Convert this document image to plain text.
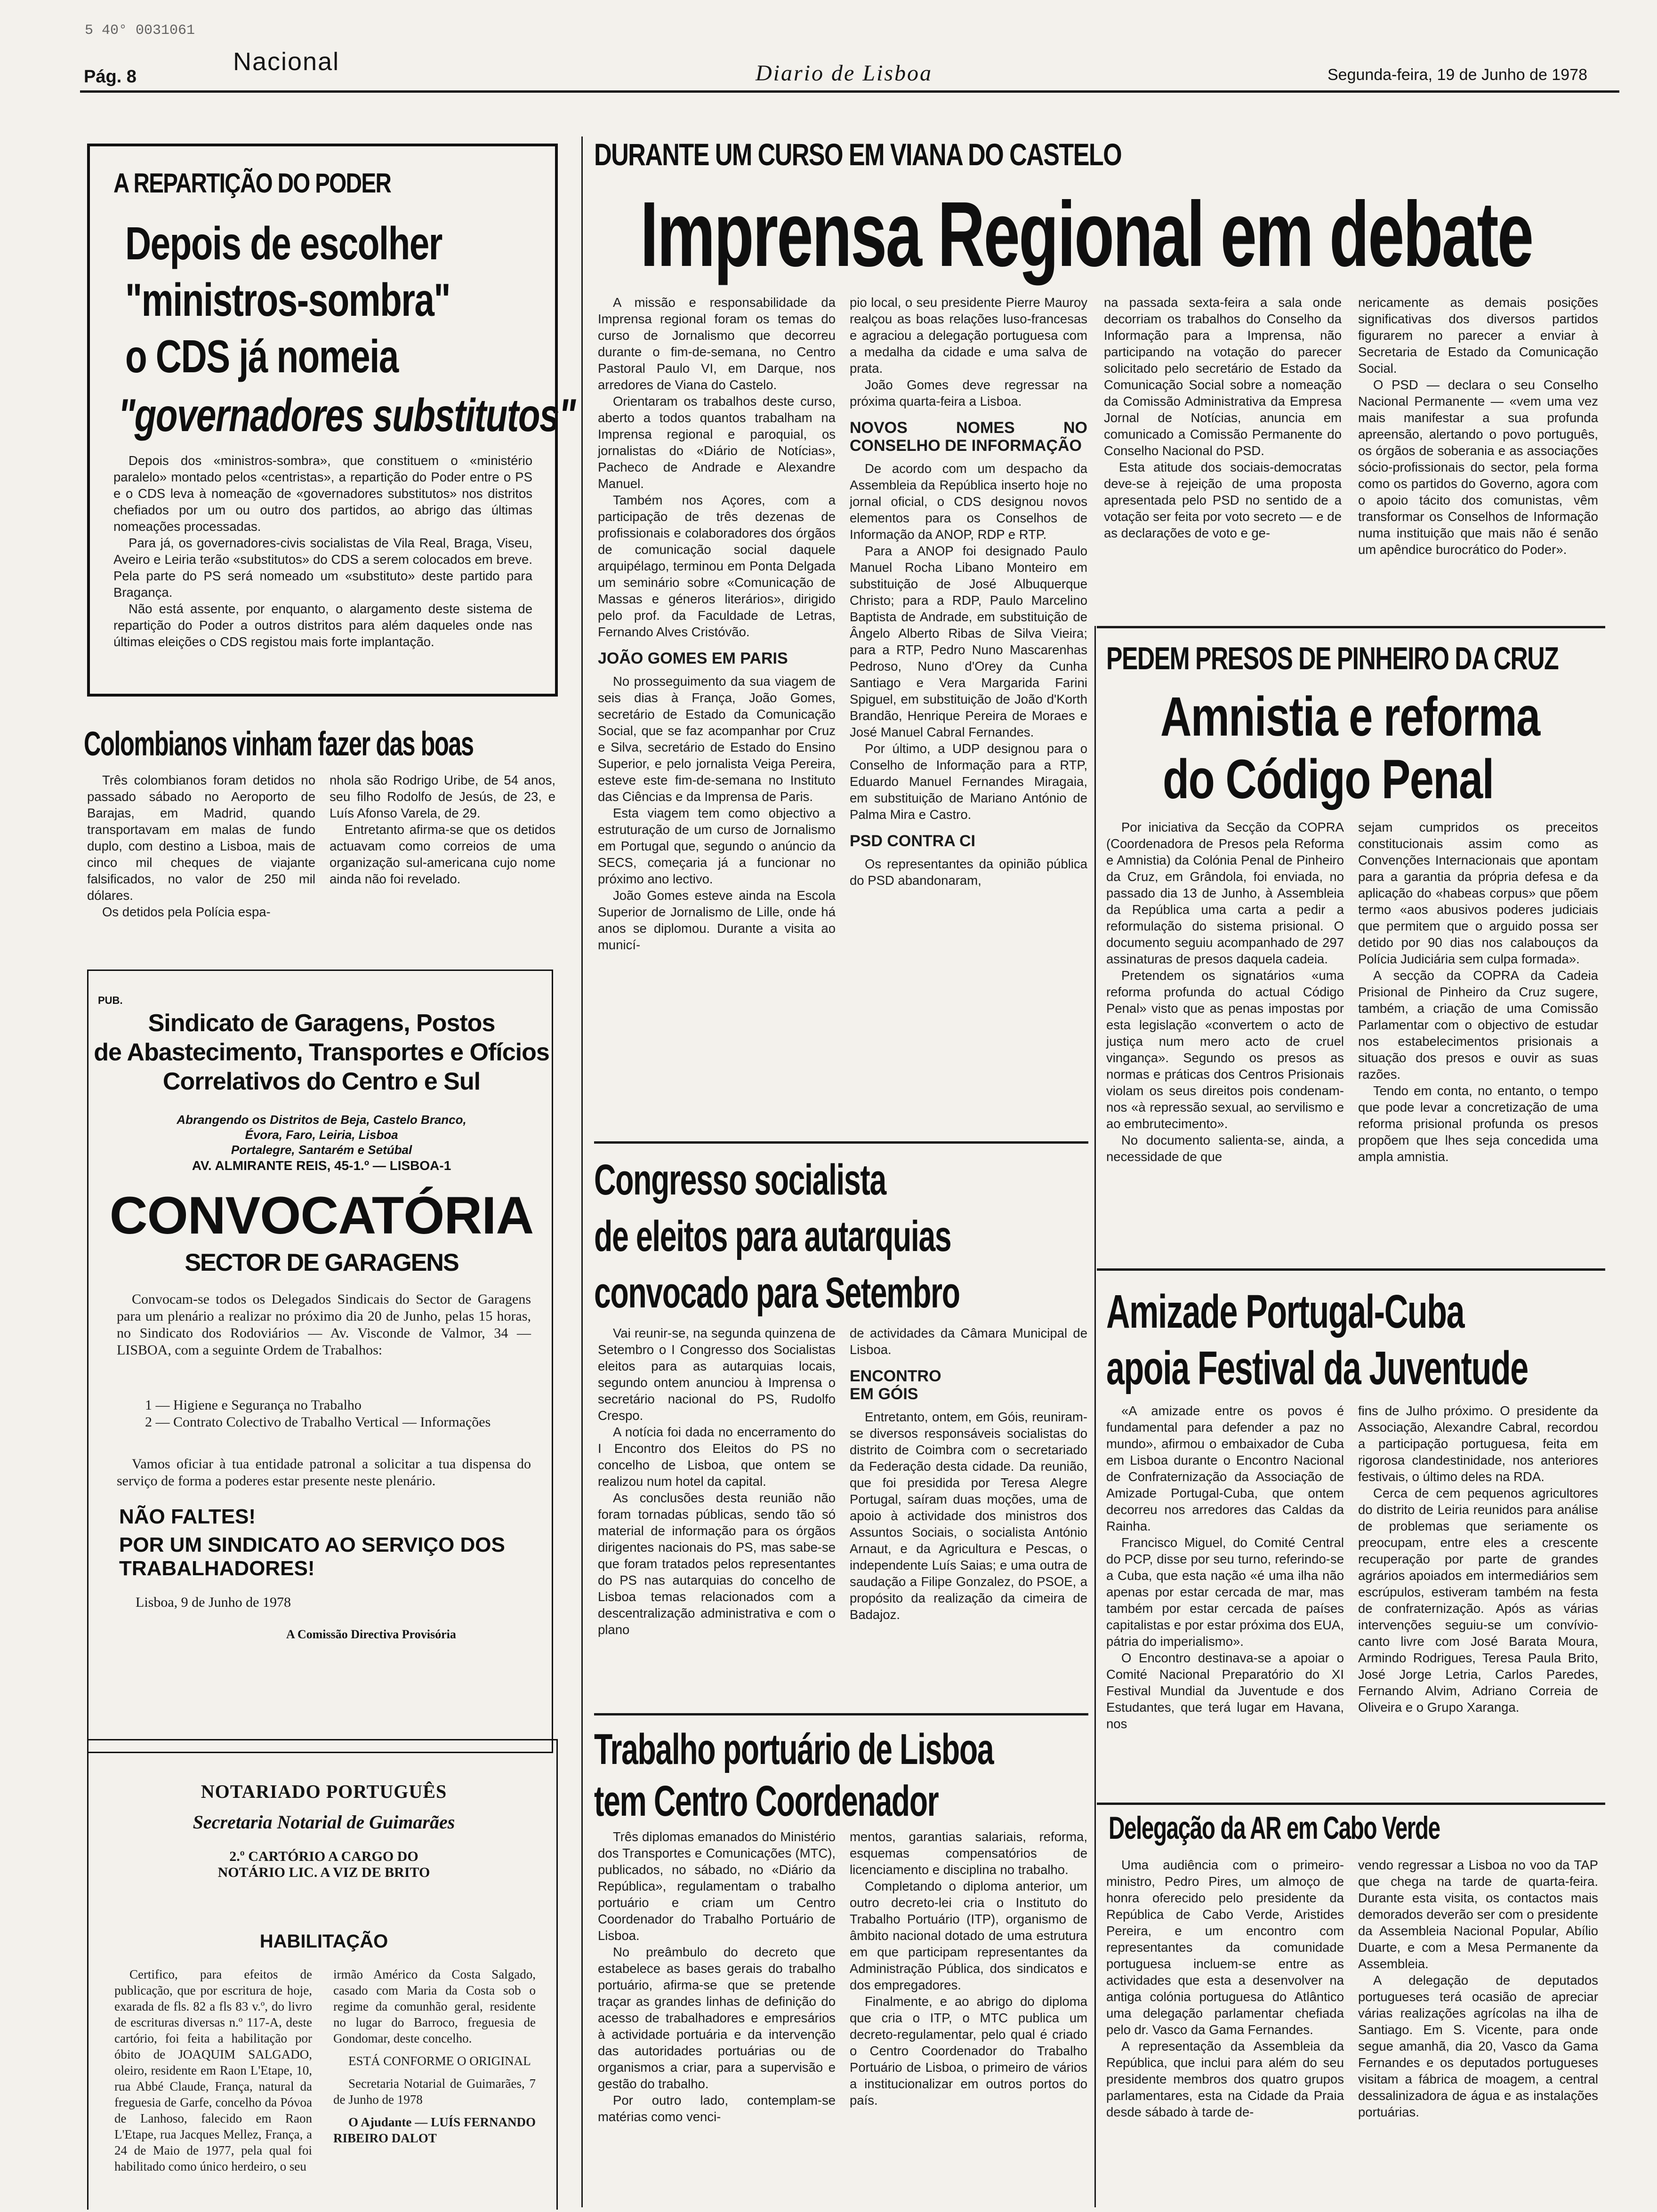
5 40° 0031061
Pág. 8
Nacional	Diario de Lisboa	Segunda-feira, 19 de Junho de 1978
A REPARTIÇÃO DO PODER
Depois de escolher
"ministros-sombra"
o CDS já nomeia
"governadores substitutos"

Depois dos «ministros-sombra», que constituem o «ministério paralelo» montado pelos «centristas», a repartição do Poder entre o PS e o CDS leva à nomeação de «governadores substitutos» nos distritos chefiados por um ou outro dos partidos, ao abrigo das últimas nomeações processadas.

Para já, os governadores-civis socialistas de Vila Real, Braga, Viseu, Aveiro e Leiria terão «substitutos» do CDS a serem colocados em breve. Pela parte do PS será nomeado um «substituto» deste partido para Bragança.

Não está assente, por enquanto, o alargamento deste sistema de repartição do Poder a outros distritos para além daqueles onde nas últimas eleições o CDS registou mais forte implantação.

Colombianos vinham fazer das boas

Três colombianos foram detidos no passado sábado no Aeroporto de Barajas, em Madrid, quando transportavam em malas de fundo duplo, com destino a Lisboa, mais de cinco mil cheques de viajante falsificados, no valor de 250 mil dólares.

Os detidos pela Polícia espa-

nhola são Rodrigo Uribe, de 54 anos, seu filho Rodolfo de Jesús, de 23, e Luís Afonso Varela, de 29.

Entretanto afirma-se que os detidos actuavam como correios de uma organização sul-americana cujo nome ainda não foi revelado.

PUB.
Sindicato de Garagens, Postos
de Abastecimento, Transportes e Ofícios
Correlativos do Centro e Sul
Abrangendo os Distritos de Beja, Castelo Branco,
Évora, Faro, Leiria, Lisboa
Portalegre, Santarém e Setúbal
AV. ALMIRANTE REIS, 45-1.º — LISBOA-1
CONVOCATÓRIA
SECTOR DE GARAGENS

Convocam-se todos os Delegados Sindicais do Sector de Garagens para um plenário a realizar no próximo dia 20 de Junho, pelas 15 horas, no Sindicato dos Rodoviários — Av. Visconde de Valmor, 34 — LISBOA, com a seguinte Ordem de Trabalhos:

1 — Higiene e Segurança no Trabalho
2 — Contrato Colectivo de Trabalho Vertical — Informações

Vamos oficiar à tua entidade patronal a solicitar a tua dispensa do serviço de forma a poderes estar presente neste plenário.

NÃO FALTES!
POR UM SINDICATO AO SERVIÇO DOS TRABALHADORES!
Lisboa, 9 de Junho de 1978
A Comissão Directiva Provisória
NOTARIADO PORTUGUÊS
Secretaria Notarial de Guimarães
2.º CARTÓRIO A CARGO DO
NOTÁRIO LIC. A VIZ DE BRITO
HABILITAÇÃO

Certifico, para efeitos de publicação, que por escritura de hoje, exarada de fls. 82 a fls 83 v.º, do livro de escrituras diversas n.º 117-A, deste cartório, foi feita a habilitação por óbito de JOAQUIM SALGADO, oleiro, residente em Raon L'Etape, 10, rua Abbé Claude, França, natural da freguesia de Garfe, concelho da Póvoa de Lanhoso, falecido em Raon L'Etape, rua Jacques Mellez, França, a 24 de Maio de 1977, pela qual foi habilitado como único herdeiro, o seu

irmão Américo da Costa Salgado, casado com Maria da Costa sob o regime da comunhão geral, residente no lugar do Barroco, freguesia de Gondomar, deste concelho.

ESTÁ CONFORME O ORIGINAL

Secretaria Notarial de Guimarães, 7 de Junho de 1978

O Ajudante — LUÍS FERNANDO RIBEIRO DALOT

DURANTE UM CURSO EM VIANA DO CASTELO
Imprensa Regional em debate

A missão e responsabilidade da Imprensa regional foram os temas do curso de Jornalismo que decorreu durante o fim-de-semana, no Centro Pastoral Paulo VI, em Darque, nos arredores de Viana do Castelo.

Orientaram os trabalhos deste curso, aberto a todos quantos trabalham na Imprensa regional e paroquial, os jornalistas do «Diário de Notícias», Pacheco de Andrade e Alexandre Manuel.

Também nos Açores, com a participação de três dezenas de profissionais e colaboradores dos órgãos de comunicação social daquele arquipélago, terminou em Ponta Delgada um seminário sobre «Comunicação de Massas e géneros literários», dirigido pelo prof. da Faculdade de Letras, Fernando Alves Cristóvão.

JOÃO GOMES EM PARIS

No prosseguimento da sua viagem de seis dias à França, João Gomes, secretário de Estado da Comunicação Social, que se faz acompanhar por Cruz e Silva, secretário de Estado do Ensino Superior, e pelo jornalista Veiga Pereira, esteve este fim-de-semana no Instituto das Ciências e da Imprensa de Paris.

Esta viagem tem como objectivo a estruturação de um curso de Jornalismo em Portugal que, segundo o anúncio da SECS, começaria já a funcionar no próximo ano lectivo.

João Gomes esteve ainda na Escola Superior de Jornalismo de Lille, onde há anos se diplomou. Durante a visita ao municí-

pio local, o seu presidente Pierre Mauroy realçou as boas relações luso-francesas e agraciou a delegação portuguesa com a medalha da cidade e uma salva de prata.

João Gomes deve regressar na próxima quarta-feira a Lisboa.

NOVOS NOMES NO CONSELHO DE INFORMAÇÃO

De acordo com um despacho da Assembleia da República inserto hoje no jornal oficial, o CDS designou novos elementos para os Conselhos de Informação da ANOP, RDP e RTP.

Para a ANOP foi designado Paulo Manuel Rocha Libano Monteiro em substituição de José Albuquerque Christo; para a RDP, Paulo Marcelino Baptista de Andrade, em substituição de Ângelo Alberto Ribas de Silva Vieira; para a RTP, Pedro Nuno Mascarenhas Pedroso, Nuno d'Orey da Cunha Santiago e Vera Margarida Farini Spiguel, em substituição de João d'Korth Brandão, Henrique Pereira de Moraes e José Manuel Cabral Fernandes.

Por último, a UDP designou para o Conselho de Informação para a RTP, Eduardo Manuel Fernandes Miragaia, em substituição de Mariano António de Palma Mira e Castro.

PSD CONTRA CI

Os representantes da opinião pública do PSD abandonaram,

na passada sexta-feira a sala onde decorriam os trabalhos do Conselho da Informação para a Imprensa, não participando na votação do parecer solicitado pelo secretário de Estado da Comunicação Social sobre a nomeação da Comissão Administrativa da Empresa Jornal de Notícias, anuncia em comunicado a Comissão Permanente do Conselho Nacional do PSD.

Esta atitude dos sociais-democratas deve-se à rejeição de uma proposta apresentada pelo PSD no sentido de a votação ser feita por voto secreto — e de as declarações de voto e ge-

nericamente as demais posições significativas dos diversos partidos figurarem no parecer a enviar à Secretaria de Estado da Comunicação Social.

O PSD — declara o seu Conselho Nacional Permanente — «vem uma vez mais manifestar a sua profunda apreensão, alertando o povo português, os órgãos de soberania e as associações sócio-profissionais do sector, pela forma como os partidos do Governo, agora com o apoio tácito dos comunistas, vêm transformar os Conselhos de Informação numa instituição que mais não é senão um apêndice burocrático do Poder».

PEDEM PRESOS DE PINHEIRO DA CRUZ
Amnistia e reforma
do Código Penal

Por iniciativa da Secção da COPRA (Coordenadora de Presos pela Reforma e Amnistia) da Colónia Penal de Pinheiro da Cruz, em Grândola, foi enviada, no passado dia 13 de Junho, à Assembleia da República uma carta a pedir a reformulação do sistema prisional. O documento seguiu acompanhado de 297 assinaturas de presos daquela cadeia.

Pretendem os signatários «uma reforma profunda do actual Código Penal» visto que as penas impostas por esta legislação «convertem o acto de justiça num mero acto de cruel vingança». Segundo os presos as normas e práticas dos Centros Prisionais violam os seus direitos pois condenam-nos «à repressão sexual, ao servilismo e ao embrutecimento».

No documento salienta-se, ainda, a necessidade de que

sejam cumpridos os preceitos constitucionais assim como as Convenções Internacionais que apontam para a garantia da própria defesa e da aplicação do «habeas corpus» que põem termo «aos abusivos poderes judiciais que permitem que o arguido possa ser detido por 90 dias nos calabouços da Polícia Judiciária sem culpa formada».

A secção da COPRA da Cadeia Prisional de Pinheiro da Cruz sugere, também, a criação de uma Comissão Parlamentar com o objectivo de estudar nos estabelecimentos prisionais a situação dos presos e ouvir as suas razões.

Tendo em conta, no entanto, o tempo que pode levar a concretização de uma reforma prisional profunda os presos propõem que lhes seja concedida uma ampla amnistia.

Congresso socialista
de eleitos para autarquias
convocado para Setembro

Vai reunir-se, na segunda quinzena de Setembro o I Congresso dos Socialistas eleitos para as autarquias locais, segundo ontem anunciou à Imprensa o secretário nacional do PS, Rudolfo Crespo.

A notícia foi dada no encerramento do I Encontro dos Eleitos do PS no concelho de Lisboa, que ontem se realizou num hotel da capital.

As conclusões desta reunião não foram tornadas públicas, sendo tão só material de informação para os órgãos dirigentes nacionais do PS, mas sabe-se que foram tratados pelos representantes do PS nas autarquias do concelho de Lisboa temas relacionados com a descentralização administrativa e com o plano

de actividades da Câmara Municipal de Lisboa.

ENCONTRO EM GÓIS

Entretanto, ontem, em Góis, reuniram-se diversos responsáveis socialistas do distrito de Coimbra com o secretariado da Federação desta cidade. Da reunião, que foi presidida por Teresa Alegre Portugal, saíram duas moções, uma de apoio à actividade dos ministros dos Assuntos Sociais, o socialista António Arnaut, e da Agricultura e Pescas, o independente Luís Saias; e uma outra de saudação a Filipe Gonzalez, do PSOE, a propósito da realização da cimeira de Badajoz.

Trabalho portuário de Lisboa
tem Centro Coordenador

Três diplomas emanados do Ministério dos Transportes e Comunicações (MTC), publicados, no sábado, no «Diário da República», regulamentam o trabalho portuário e criam um Centro Coordenador do Trabalho Portuário de Lisboa.

No preâmbulo do decreto que estabelece as bases gerais do trabalho portuário, afirma-se que se pretende traçar as grandes linhas de definição do acesso de trabalhadores e empresários à actividade portuária e da intervenção das autoridades portuárias ou de organismos a criar, para a supervisão e gestão do trabalho.

Por outro lado, contemplam-se matérias como venci-

mentos, garantias salariais, reforma, esquemas compensatórios de licenciamento e disciplina no trabalho.

Completando o diploma anterior, um outro decreto-lei cria o Instituto do Trabalho Portuário (ITP), organismo de âmbito nacional dotado de uma estrutura em que participam representantes da Administração Pública, dos sindicatos e dos empregadores.

Finalmente, e ao abrigo do diploma que cria o ITP, o MTC publica um decreto-regulamentar, pelo qual é criado o Centro Coordenador do Trabalho Portuário de Lisboa, o primeiro de vários a institucionalizar em outros portos do país.

Amizade Portugal-Cuba
apoia Festival da Juventude

«A amizade entre os povos é fundamental para defender a paz no mundo», afirmou o embaixador de Cuba em Lisboa durante o Encontro Nacional de Confraternização da Associação de Amizade Portugal-Cuba, que ontem decorreu nos arredores das Caldas da Rainha.

Francisco Miguel, do Comité Central do PCP, disse por seu turno, referindo-se a Cuba, que esta nação «é uma ilha não apenas por estar cercada de mar, mas também por estar cercada de países capitalistas e por estar próxima dos EUA, pátria do imperialismo».

O Encontro destinava-se a apoiar o Comité Nacional Preparatório do XI Festival Mundial da Juventude e dos Estudantes, que terá lugar em Havana, nos

fins de Julho próximo. O presidente da Associação, Alexandre Cabral, recordou a participação portuguesa, feita em rigorosa clandestinidade, nos anteriores festivais, o último deles na RDA.

Cerca de cem pequenos agricultores do distrito de Leiria reunidos para análise de problemas que seriamente os preocupam, entre eles a crescente recuperação por parte de grandes agrários apoiados em intermediários sem escrúpulos, estiveram também na festa de confraternização. Após as várias intervenções seguiu-se um convívio-canto livre com José Barata Moura, Armindo Rodrigues, Teresa Paula Brito, José Jorge Letria, Carlos Paredes, Fernando Alvim, Adriano Correia de Oliveira e o Grupo Xaranga.

Delegação da AR em Cabo Verde

Uma audiência com o primeiro-ministro, Pedro Pires, um almoço de honra oferecido pelo presidente da República de Cabo Verde, Aristides Pereira, e um encontro com representantes da comunidade portuguesa incluem-se entre as actividades que esta a desenvolver na antiga colónia portuguesa do Atlântico uma delegação parlamentar chefiada pelo dr. Vasco da Gama Fernandes.

A representação da Assembleia da República, que inclui para além do seu presidente membros dos quatro grupos parlamentares, esta na Cidade da Praia desde sábado à tarde de-

vendo regressar a Lisboa no voo da TAP que chega na tarde de quarta-feira. Durante esta visita, os contactos mais demorados deverão ser com o presidente da Assembleia Nacional Popular, Abílio Duarte, e com a Mesa Permanente da Assembleia.

A delegação de deputados portugueses terá ocasião de apreciar várias realizações agrícolas na ilha de Santiago. Em S. Vicente, para onde segue amanhã, dia 20, Vasco da Gama Fernandes e os deputados portugueses visitam a fábrica de moagem, a central dessalinizadora de água e as instalações portuárias.
